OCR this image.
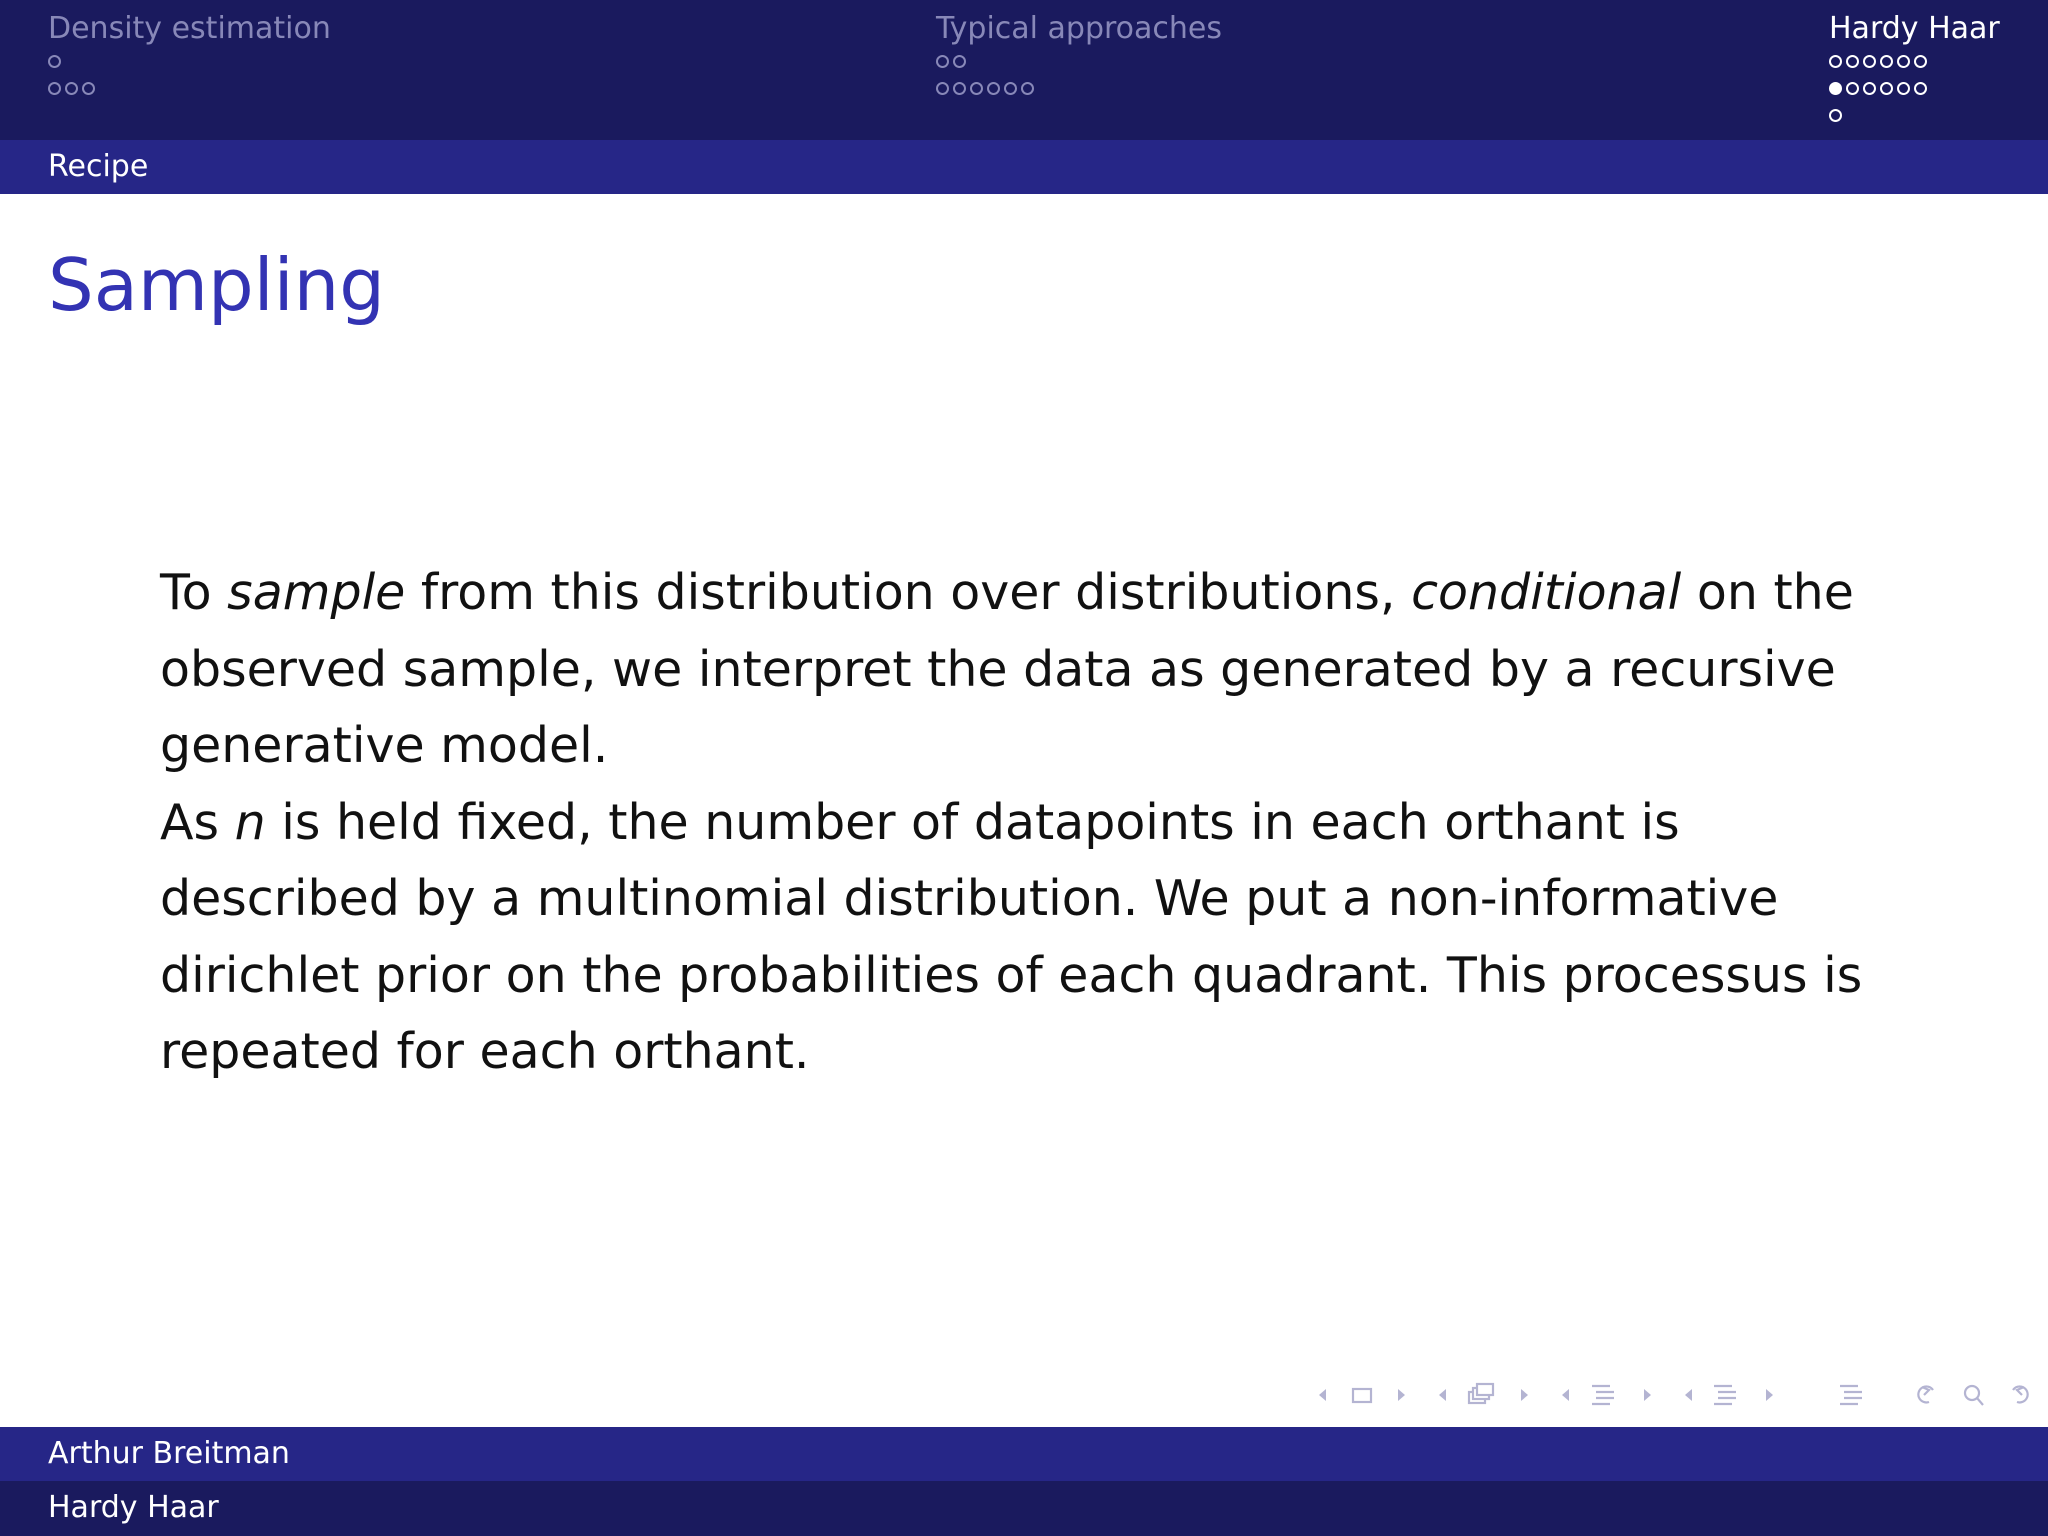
Density estimation	Typical approaches	Hardy Haar
Recipe
Sampling

To sample from this distribution over distributions, conditional on the observed sample, we interpret the data as generated by a recursive generative model.

As n is held fixed, the number of datapoints in each orthant is described by a multinomial distribution. We put a non-informative dirichlet prior on the probabilities of each quadrant. This processus is repeated for each orthant.

Arthur Breitman
Hardy Haar
